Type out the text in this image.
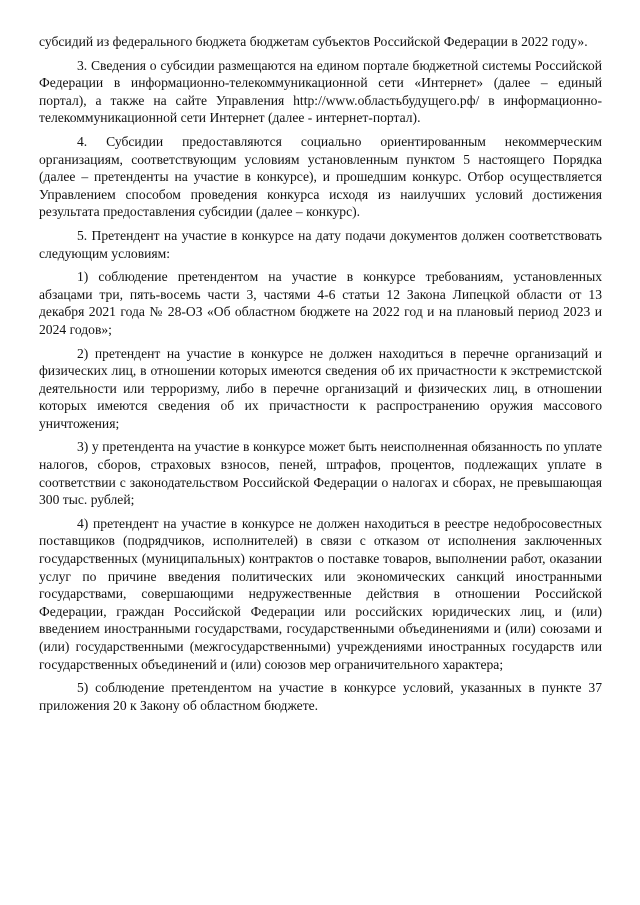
субсидий из федерального бюджета бюджетам субъектов Российской Федерации в 2022 году».

3. Сведения о субсидии размещаются на едином портале бюджетной системы Российской Федерации в информационно-телекоммуникационной сети «Интернет» (далее – единый портал), а также на сайте Управления http://www.областьбудущего.рф/ в информационно-телекоммуникационной сети Интернет (далее - интернет-портал).

4. Субсидии предоставляются социально ориентированным некоммерческим организациям, соответствующим условиям установленным пунктом 5 настоящего Порядка (далее – претенденты на участие в конкурсе), и прошедшим конкурс. Отбор осуществляется Управлением способом проведения конкурса исходя из наилучших условий достижения результата предоставления субсидии (далее – конкурс).

5. Претендент на участие в конкурсе на дату подачи документов должен соответствовать следующим условиям:

1) соблюдение претендентом на участие в конкурсе требованиям, установленных абзацами три, пять-восемь части 3, частями 4-6 статьи 12 Закона Липецкой области от 13 декабря 2021 года № 28-ОЗ «Об областном бюджете на 2022 год и на плановый период 2023 и 2024 годов»;

2) претендент на участие в конкурсе не должен находиться в перечне организаций и физических лиц, в отношении которых имеются сведения об их причастности к экстремистской деятельности или терроризму, либо в перечне организаций и физических лиц, в отношении которых имеются сведения об их причастности к распространению оружия массового уничтожения;

3) у претендента на участие в конкурсе может быть неисполненная обязанность по уплате налогов, сборов, страховых взносов, пеней, штрафов, процентов, подлежащих уплате в соответствии с законодательством Российской Федерации о налогах и сборах, не превышающая 300 тыс. рублей;

4) претендент на участие в конкурсе не должен находиться в реестре недобросовестных поставщиков (подрядчиков, исполнителей) в связи с отказом от исполнения заключенных государственных (муниципальных) контрактов о поставке товаров, выполнении работ, оказании услуг по причине введения политических или экономических санкций иностранными государствами, совершающими недружественные действия в отношении Российской Федерации, граждан Российской Федерации или российских юридических лиц, и (или) введением иностранными государствами, государственными объединениями и (или) союзами и (или) государственными (межгосударственными) учреждениями иностранных государств или государственных объединений и (или) союзов мер ограничительного характера;

5) соблюдение претендентом на участие в конкурсе условий, указанных в пункте 37 приложения 20 к Закону об областном бюджете.
